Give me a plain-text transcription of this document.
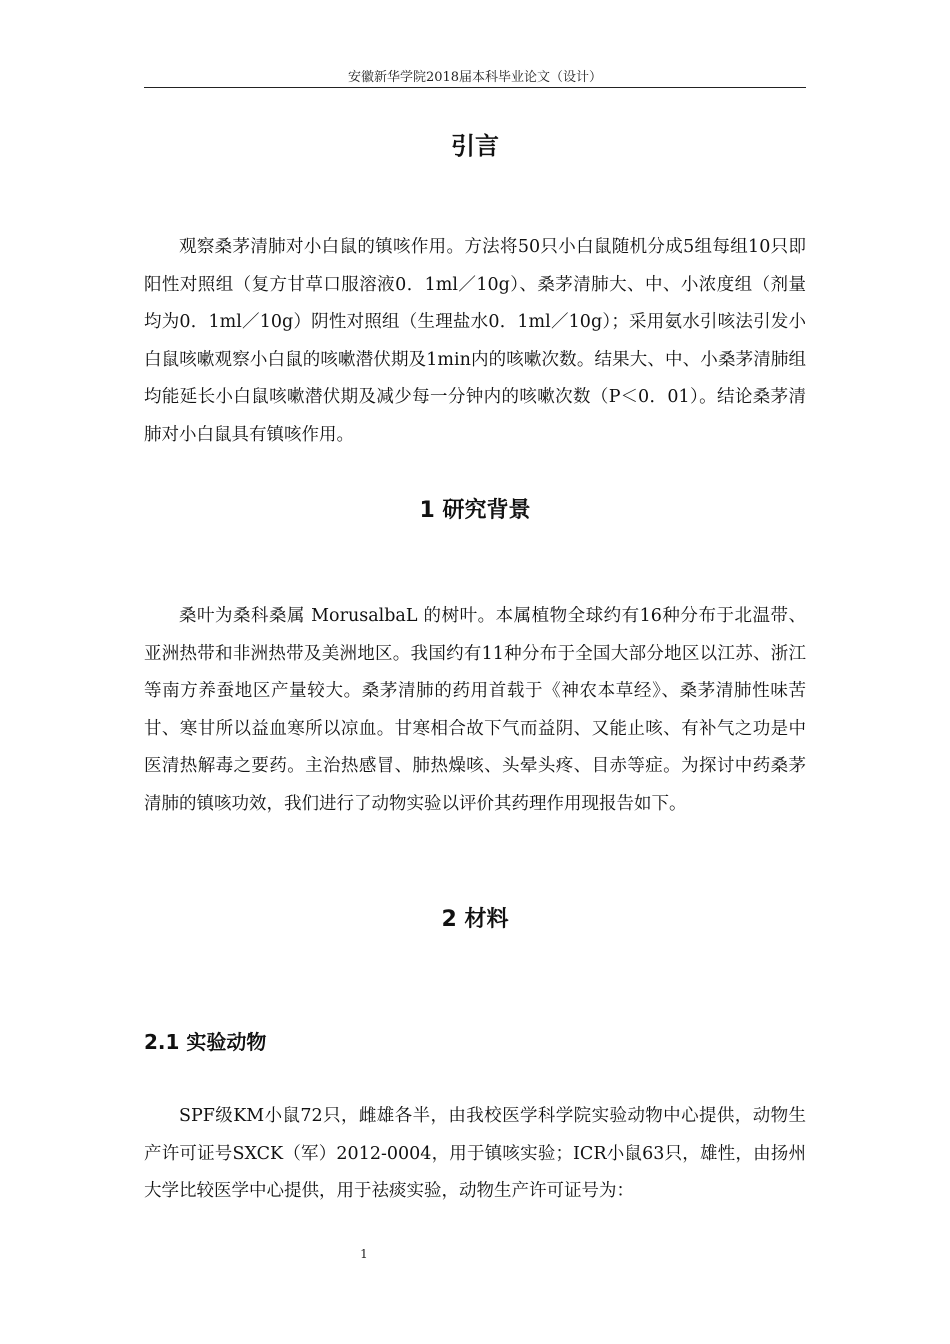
安徽新华学院2018届本科毕业论文（设计）
引言

观察桑茅清肺对小白鼠的镇咳作用。方法将50只小白鼠随机分成5组每组10只即阳性对照组（复方甘草口服溶液0．1ml／10g）、桑茅清肺大、中、小浓度组（剂量均为0．1ml／10g）阴性对照组（生理盐水0．1ml／10g）；采用氨水引咳法引发小白鼠咳嗽观察小白鼠的咳嗽潜伏期及1min内的咳嗽次数。结果大、中、小桑茅清肺组均能延长小白鼠咳嗽潜伏期及减少每一分钟内的咳嗽次数（P＜0．01）。结论桑茅清肺对小白鼠具有镇咳作用。

1 研究背景

桑叶为桑科桑属 MorusalbaL 的树叶。本属植物全球约有16种分布于北温带、亚洲热带和非洲热带及美洲地区。我国约有11种分布于全国大部分地区以江苏、浙江等南方养蚕地区产量较大。桑茅清肺的药用首载于《神农本草经》、桑茅清肺性味苦甘、寒甘所以益血寒所以凉血。甘寒相合故下气而益阴、又能止咳、有补气之功是中医清热解毒之要药。主治热感冒、肺热燥咳、头晕头疼、目赤等症。为探讨中药桑茅清肺的镇咳功效，我们进行了动物实验以评价其药理作用现报告如下。

2 材料
2.1 实验动物

SPF级KM小鼠72只，雌雄各半，由我校医学科学院实验动物中心提供，动物生产许可证号SXCK（军）2012-0004，用于镇咳实验；ICR小鼠63只，雄性，由扬州大学比较医学中心提供，用于祛痰实验，动物生产许可证号为：

1
